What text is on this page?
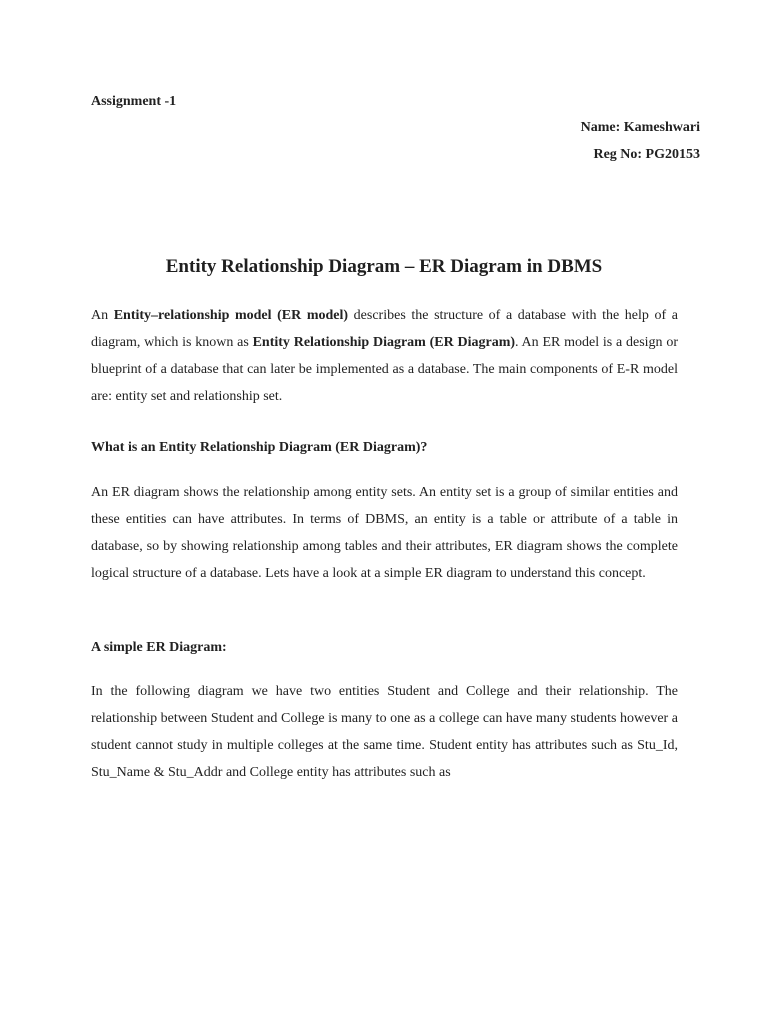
Assignment -1
Name: Kameshwari
Reg No: PG20153
Entity Relationship Diagram – ER Diagram in DBMS

An Entity–relationship model (ER model) describes the structure of a database with the help of a diagram, which is known as Entity Relationship Diagram (ER Diagram). An ER model is a design or blueprint of a database that can later be implemented as a database. The main components of E-R model are: entity set and relationship set.

What is an Entity Relationship Diagram (ER Diagram)?

An ER diagram shows the relationship among entity sets. An entity set is a group of similar entities and these entities can have attributes. In terms of DBMS, an entity is a table or attribute of a table in database, so by showing relationship among tables and their attributes, ER diagram shows the complete logical structure of a database. Lets have a look at a simple ER diagram to understand this concept.

A simple ER Diagram:

In the following diagram we have two entities Student and College and their relationship. The relationship between Student and College is many to one as a college can have many students however a student cannot study in multiple colleges at the same time. Student entity has attributes such as Stu_Id, Stu_Name & Stu_Addr and College entity has attributes such as
